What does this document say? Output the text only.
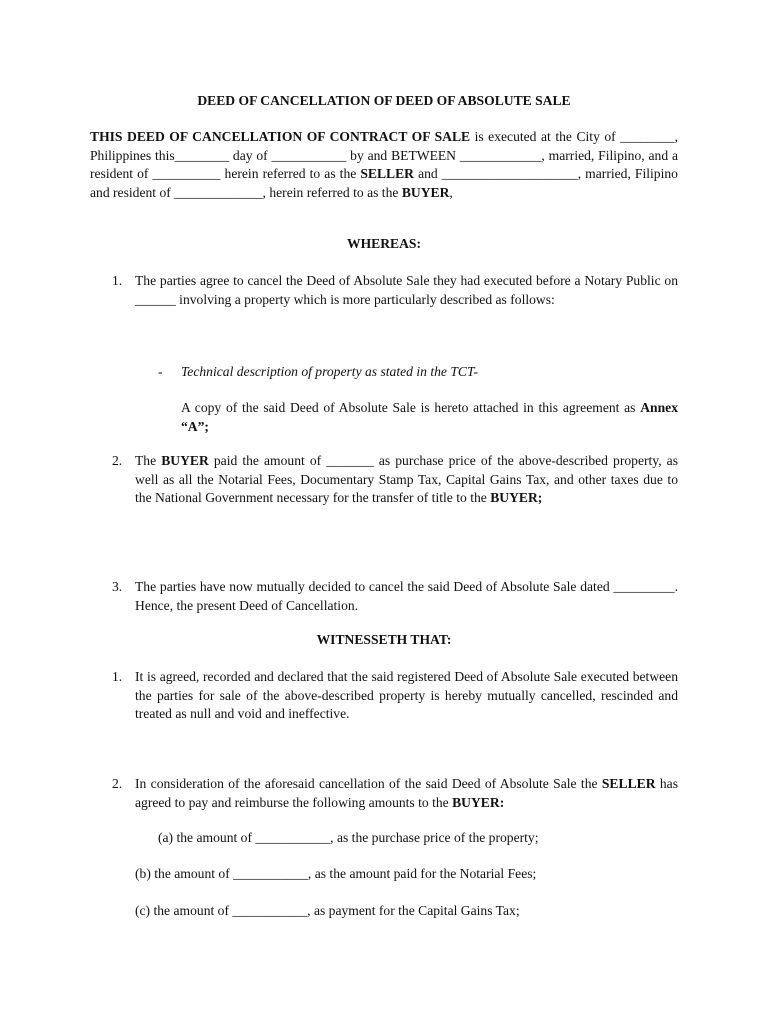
DEED OF CANCELLATION OF DEED OF ABSOLUTE SALE
THIS DEED OF CANCELLATION OF CONTRACT OF SALE is executed at the City of ________, Philippines this________ day of ___________ by and BETWEEN ____________, married, Filipino, and a resident of __________ herein referred to as the SELLER and ____________________, married, Filipino and resident of _____________, herein referred to as the BUYER,
WHEREAS:
1. The parties agree to cancel the Deed of Absolute Sale they had executed before a Notary Public on ______ involving a property which is more particularly described as follows:
- Technical description of property as stated in the TCT-
A copy of the said Deed of Absolute Sale is hereto attached in this agreement as Annex “A”;
2. The BUYER paid the amount of _______ as purchase price of the above-described property, as well as all the Notarial Fees, Documentary Stamp Tax, Capital Gains Tax, and other taxes due to the National Government necessary for the transfer of title to the BUYER;
3. The parties have now mutually decided to cancel the said Deed of Absolute Sale dated _________. Hence, the present Deed of Cancellation.
WITNESSETH THAT:
1. It is agreed, recorded and declared that the said registered Deed of Absolute Sale executed between the parties for sale of the above-described property is hereby mutually cancelled, rescinded and treated as null and void and ineffective.
2. In consideration of the aforesaid cancellation of the said Deed of Absolute Sale the SELLER has agreed to pay and reimburse the following amounts to the BUYER:
(a) the amount of ___________, as the purchase price of the property;
(b) the amount of ___________, as the amount paid for the Notarial Fees;
(c) the amount of ___________, as payment for the Capital Gains Tax;
